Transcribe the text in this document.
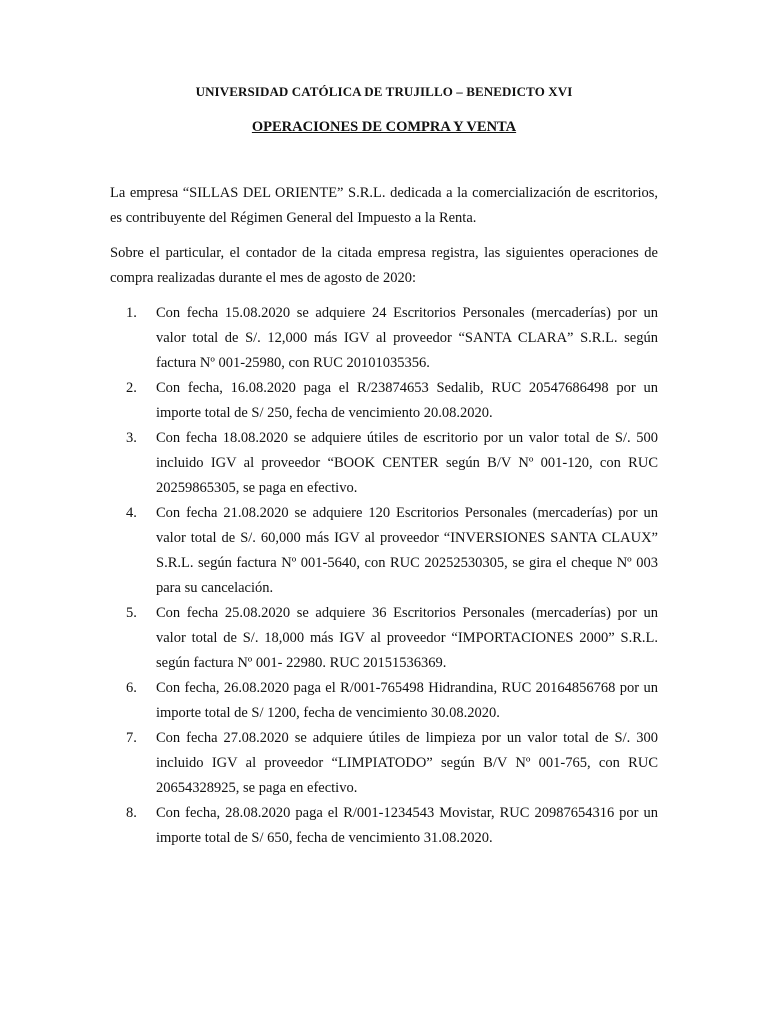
UNIVERSIDAD CATÓLICA DE TRUJILLO – BENEDICTO XVI

OPERACIONES DE COMPRA Y VENTA

La empresa “SILLAS DEL ORIENTE” S.R.L. dedicada a la comercialización de escritorios, es contribuyente del Régimen General del Impuesto a la Renta.

Sobre el particular, el contador de la citada empresa registra, las siguientes operaciones de compra realizadas durante el mes de agosto de 2020:

1.	Con fecha 15.08.2020 se adquiere 24 Escritorios Personales (mercaderías) por un valor total de S/. 12,000 más IGV al proveedor “SANTA CLARA” S.R.L. según factura Nº 001-25980, con RUC 20101035356.
2.	Con fecha, 16.08.2020 paga el R/23874653 Sedalib, RUC 20547686498 por un importe total de S/ 250, fecha de vencimiento 20.08.2020.
3.	Con fecha 18.08.2020 se adquiere útiles de escritorio por un valor total de S/. 500 incluido IGV al proveedor “BOOK CENTER según B/V Nº 001-120, con RUC 20259865305, se paga en efectivo.
4.	Con fecha 21.08.2020 se adquiere 120 Escritorios Personales (mercaderías) por un valor total de S/. 60,000 más IGV al proveedor “INVERSIONES SANTA CLAUX” S.R.L. según factura Nº 001-5640, con RUC 20252530305, se gira el cheque Nº 003 para su cancelación.
5.	Con fecha 25.08.2020 se adquiere 36 Escritorios Personales (mercaderías) por un valor total de S/. 18,000 más IGV al proveedor “IMPORTACIONES 2000” S.R.L. según factura Nº 001- 22980. RUC 20151536369.
6.	Con fecha, 26.08.2020 paga el R/001-765498 Hidrandina, RUC 20164856768 por un importe total de S/ 1200, fecha de vencimiento 30.08.2020.
7.	Con fecha 27.08.2020 se adquiere útiles de limpieza por un valor total de S/. 300 incluido IGV al proveedor “LIMPIATODO” según B/V Nº 001-765, con RUC 20654328925, se paga en efectivo.
8.	Con fecha, 28.08.2020 paga el R/001-1234543 Movistar, RUC 20987654316 por un importe total de S/ 650, fecha de vencimiento 31.08.2020.
